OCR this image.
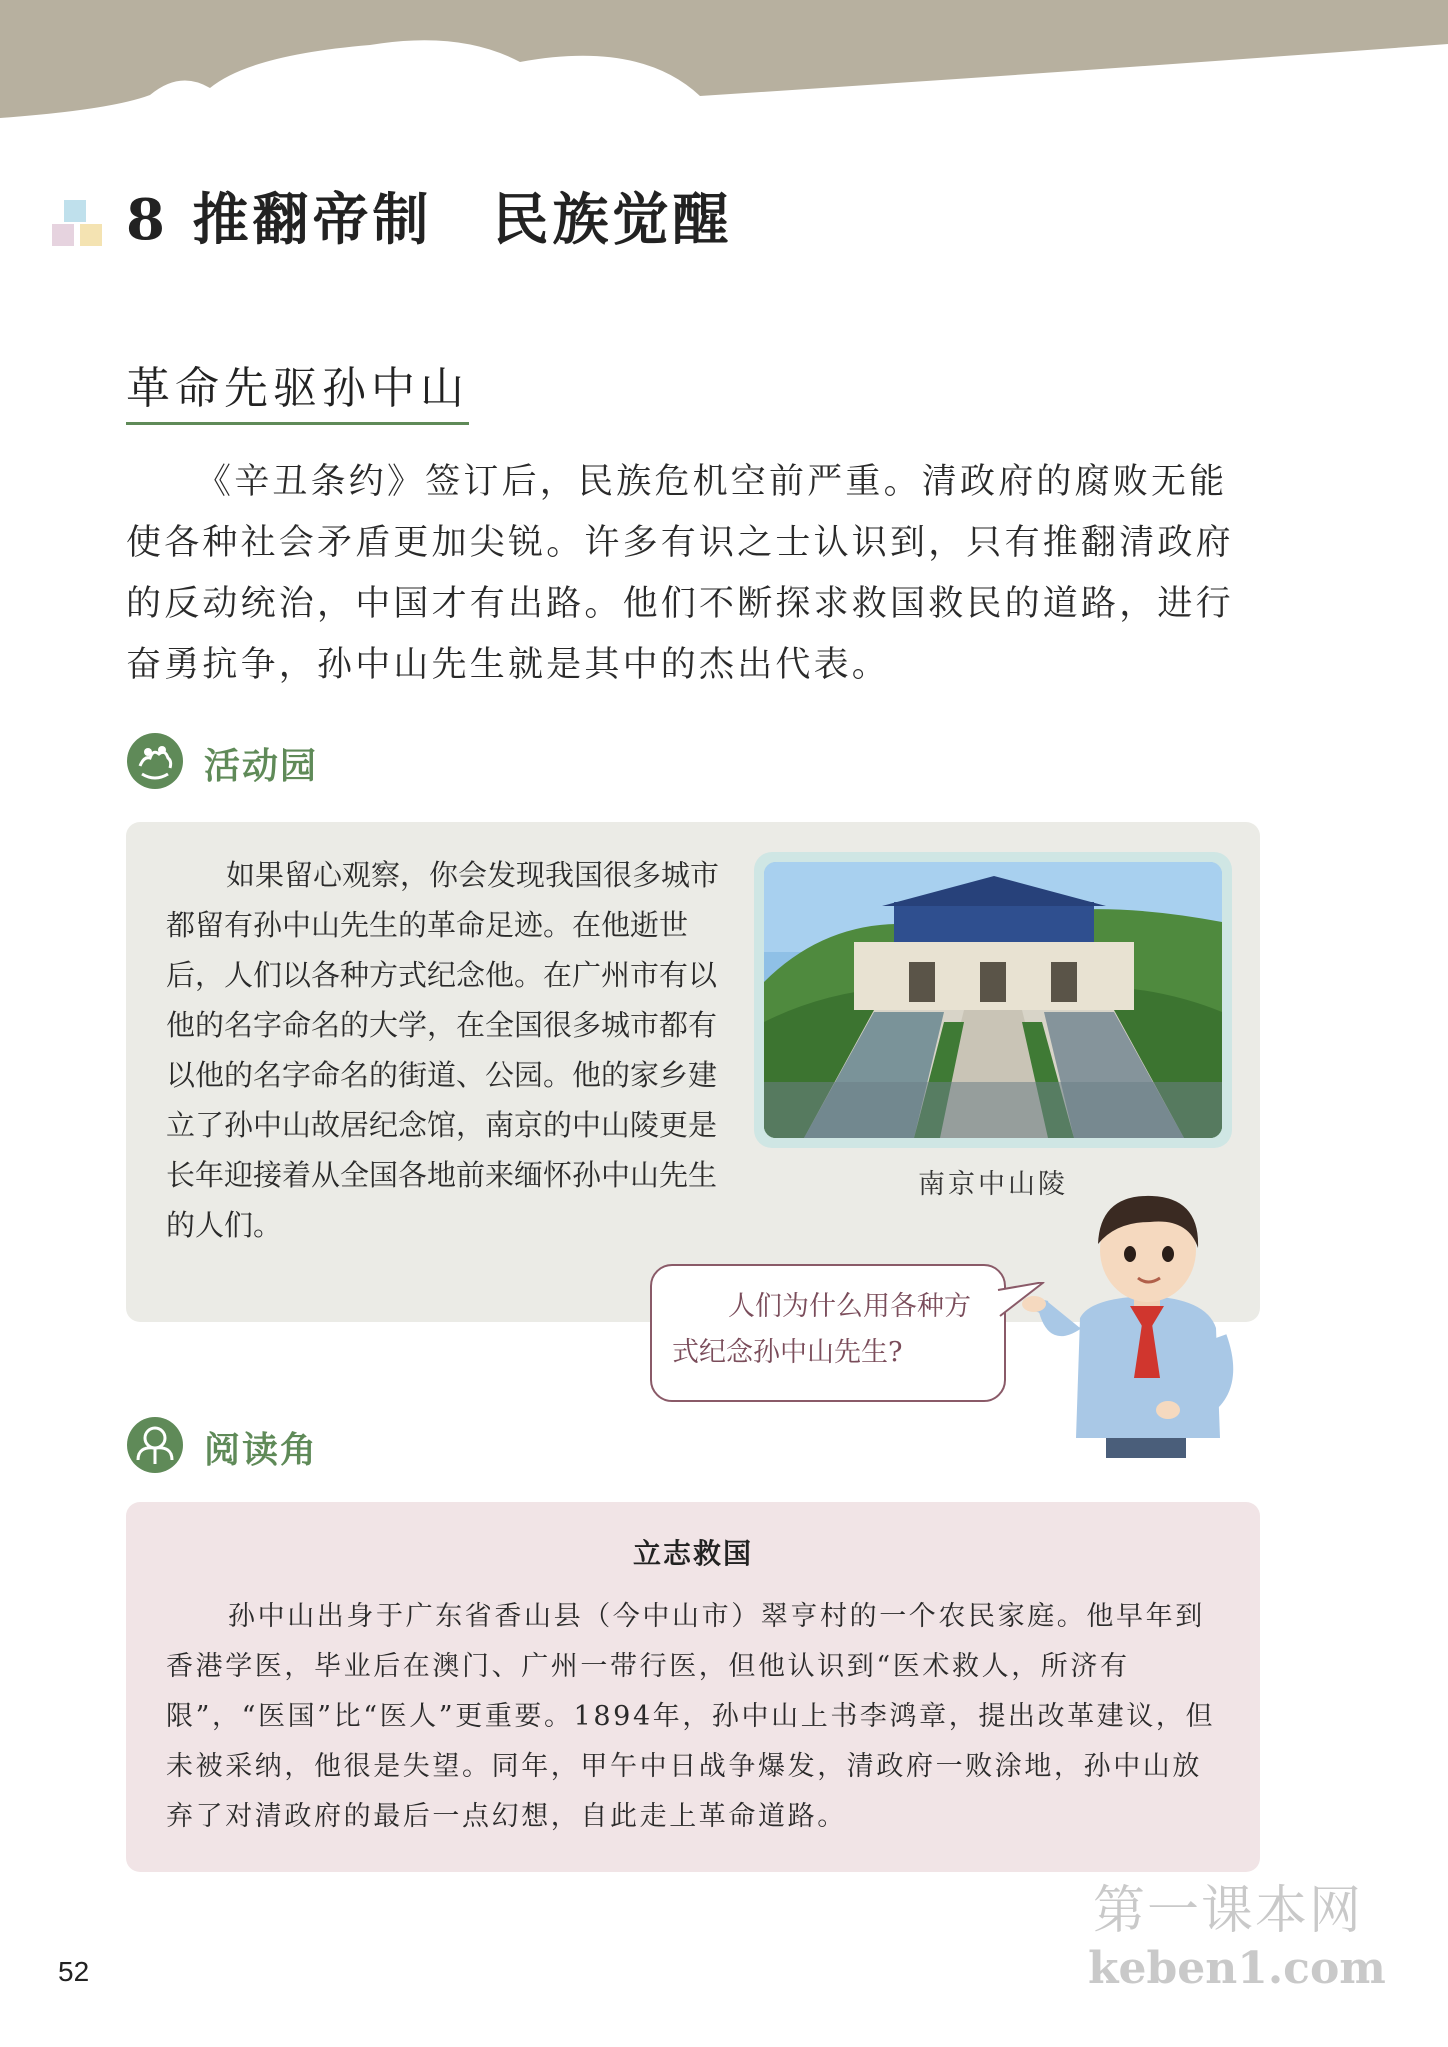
8 推翻帝制　民族觉醒
革命先驱孙中山

《辛丑条约》签订后，民族危机空前严重。清政府的腐败无能使各种社会矛盾更加尖锐。许多有识之士认识到，只有推翻清政府的反动统治，中国才有出路。他们不断探求救国救民的道路，进行奋勇抗争，孙中山先生就是其中的杰出代表。

活动园

如果留心观察，你会发现我国很多城市都留有孙中山先生的革命足迹。在他逝世后，人们以各种方式纪念他。在广州市有以他的名字命名的大学，在全国很多城市都有以他的名字命名的街道、公园。他的家乡建立了孙中山故居纪念馆，南京的中山陵更是长年迎接着从全国各地前来缅怀孙中山先生的人们。

南京中山陵

人们为什么用各种方式纪念孙中山先生?

阅读角
立志救国

孙中山出身于广东省香山县（今中山市）翠亨村的一个农民家庭。他早年到香港学医，毕业后在澳门、广州一带行医，但他认识到“医术救人，所济有限”，“医国”比“医人”更重要。1894年，孙中山上书李鸿章，提出改革建议，但未被采纳，他很是失望。同年，甲午中日战争爆发，清政府一败涂地，孙中山放弃了对清政府的最后一点幻想，自此走上革命道路。

52
第一课本网
keben1.com
